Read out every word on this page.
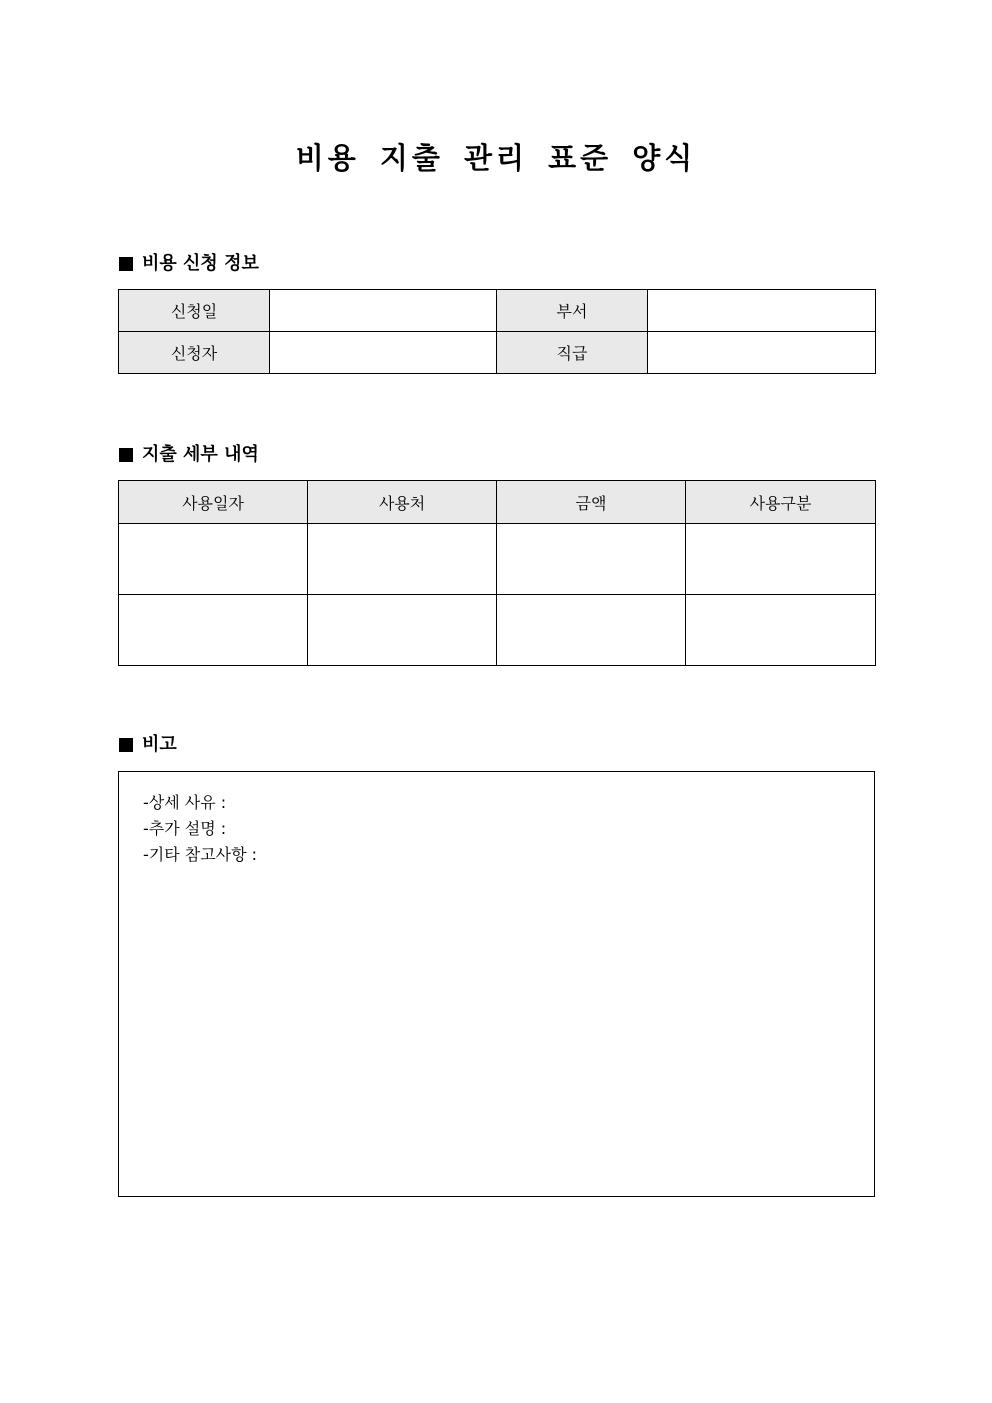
비용 지출 관리 표준 양식
비용 신청 정보
신청일		부서	
신청자		직급	
지출 세부 내역
사용일자	사용처	금액	사용구분

비고
-상세 사유 :
-추가 설명 :
-기타 참고사항 :
